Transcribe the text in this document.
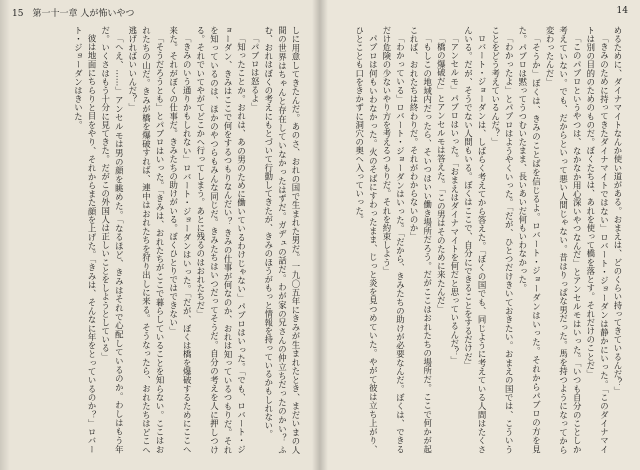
15　第一十一章 人が怖いやつ

しに用意してきたんだ。あのさ、おれの国で生まれた男だ。一九〇五年にきみが生まれたとき、まだいまの人間の世界はちゃんと存在していなかったはずだ。ガデュの話だ。わが家の兄さんの仲立ちだったのかい？ ふむ、おれはぼくの考えにもとづいて行動してきたが、きみのほうがもっと情報を持っているかもしれない。

「パブロは怒るよ」

「知ったことか。おれは、あの男のために働いているわけじゃない」パブロはいった。「でも、ロバート・ジョーダン、きみはここで何をするつもりなんだい？ きみの仕事が何なのか、おれは知っているつもりだ。それを知っているのは、ほかのやつらもみんな同じだ。きみたちはいつだってそうだ。自分の考えを人に押しつける。それでいてやがてどこかへ行ってしまう。あとに残るのはおれたちだ」

「きみのいう通りかもしれない」ロバート・ジョーダンはいった。「だが、ぼくは橋を爆破するためにここへ来た。それがぼくの仕事だ。きみたちの助けがいる。ぼくひとりではできない」

「そうだろうとも」とパブロはいった。「きみは、おれたちがここで暮らしていることを知らない。ここはおれたちの山だ。きみが橋を爆破すれば、連中はおれたちを狩り出しに来る。そうなったら、おれたちはどこへ逃げればいいんだ？」

「へえ、……」アンセルモは男の顔を眺めた。「なるほど、きみはそれで心配しているのか。わしはもう年だ。いくさはもう十分に見てきた。だがこの外国人は正しいことをしようとしている」

彼は地面にちらりと目をやり、それからまた顔を上げた。「きみは、そんなに年をとっているのか？」ロバート・ジョーダンはきいた。

14

めるために、ダイナマイトなんか使い道がある。おまえは、どのくらい持ってきているんだ？」

「きみのために持ってきたダイナマイトではない」ロバート・ジョーダンは静かにいった。「このダイナマイトは別の目的のためのものだ。ぼくたちは、あれを使って橋を落とす。それだけのことだ」

「このパブロというやつは、なかなか用心深いやつなんだ」とアンセルモはいった。「いつも自分のことしか考えていない。でも、だからといって悪い人間じゃない。昔はりっぱな男だった。馬を持つようになってから変わったんだ」

「そうか」ぼくは、きみのことばを信じるよ。ロバート・ジョーダンはいった。それからパブロの方を見た。パブロは黙ってうつむいたまま、長いあいだ何もいわなかった。

「わかったよ」とパブロはようやくいった。「だが、ひとつだけきいておきたい。おまえの国では、こういうことをどう考えているんだ？」

ロバート・ジョーダンは、しばらく考えてから答えた。「ぼくの国でも、同じように考えている人間はたくさんいる。だが、そうでない人間もいる。ぼくはここで、自分にできることをするだけだ」

「アンセルモ」パブロはいった。「おまえはダイナマイトを何だと思っているんだ？」

「橋の爆破だ」とアンセルモは答えた。「この男はそのために来たんだ」

「もしこの地域内だったら、そいつはいい働き場所だろう。だがここはおれたちの場所だ。ここで何かが起これば、おれたちは終わりだ。それがわからないのか」

「わかっている」ロバート・ジョーダンはいった。「だから、きみたちの助けが必要なんだ。ぼくは、できるだけ危険の少ないやり方を考えるつもりだ。それを約束しよう」

パブロは何もいわなかった。火のそばにすわったまま、じっと炎を見つめていた。やがて彼は立ち上がり、ひとことも口をきかずに洞穴の奥へ入っていった。
